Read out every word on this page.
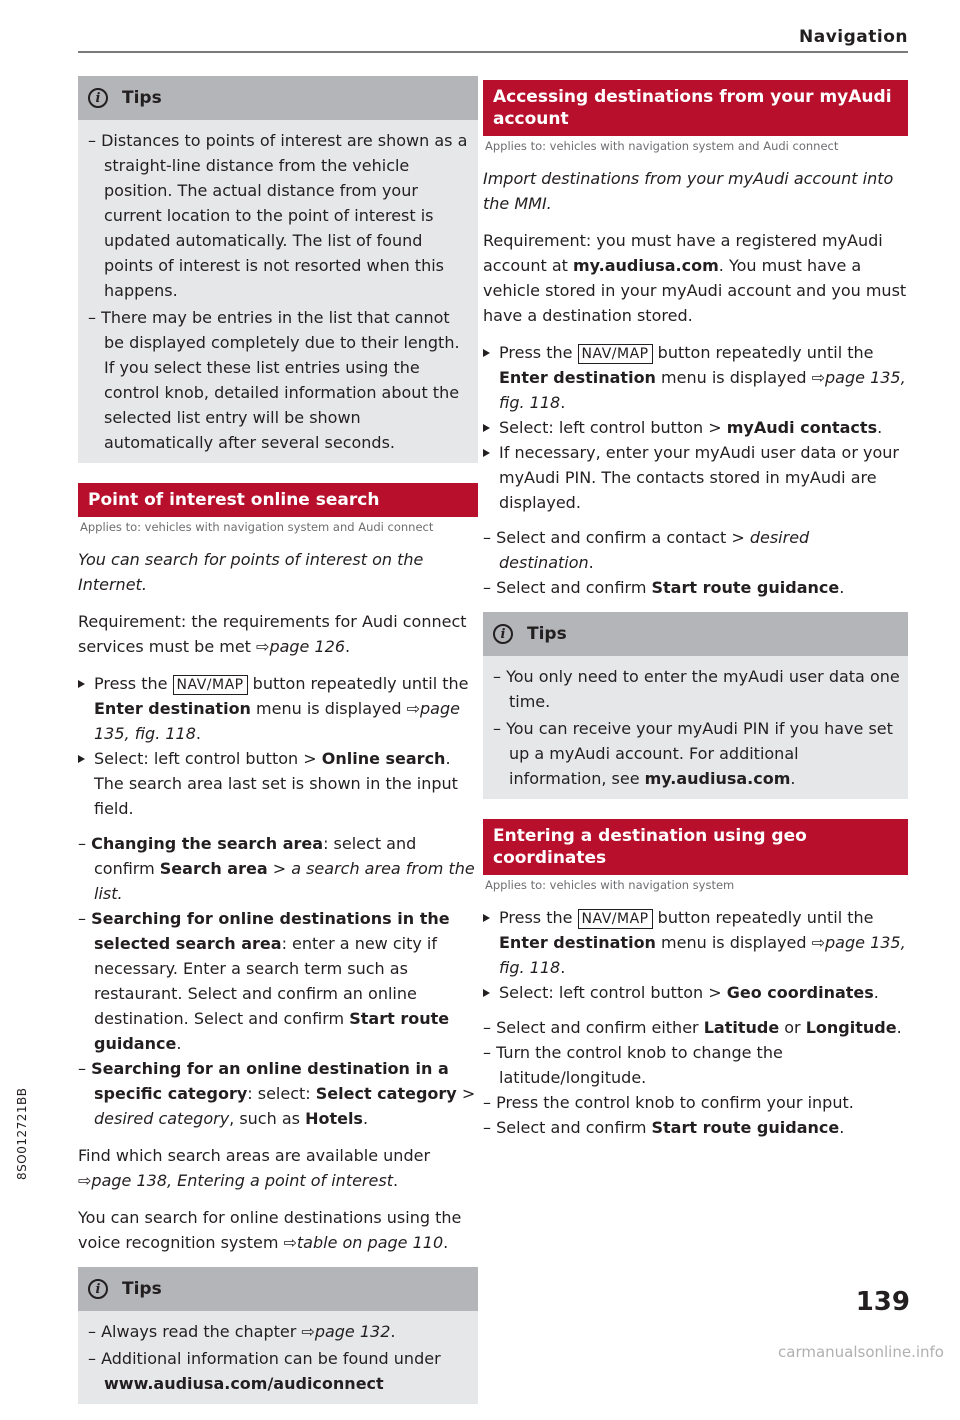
Navigation
i	Tips
– Distances to points of interest are shown as a straight-line distance from the vehicle position. The actual distance from your current location to the point of interest is updated automatically. The list of found points of interest is not resorted when this happens.
– There may be entries in the list that cannot be displayed completely due to their length. If you select these list entries using the control knob, detailed information about the selected list entry will be shown automatically after several seconds.
Point of interest online search
Applies to: vehicles with navigation system and Audi connect

You can search for points of interest on the Internet.

Requirement: the requirements for Audi connect services must be met ⇨page 126.

Press the NAV/MAP button repeatedly until the Enter destination menu is displayed ⇨page 135, fig. 118.
Select: left control button > Online search. The search area last set is shown in the input field.
– Changing the search area: select and confirm Search area > a search area from the list.
– Searching for online destinations in the selected search area: enter a new city if necessary. Enter a search term such as restaurant. Select and confirm an online destination. Select and confirm Start route guidance.
– Searching for an online destination in a specific category: select: Select category > desired category, such as Hotels.

Find which search areas are available under ⇨page 138, Entering a point of interest.

You can search for online destinations using the voice recognition system ⇨table on page 110.

i	Tips
– Always read the chapter ⇨page 132.
– Additional information can be found under www.audiusa.com/audiconnect
Accessing destinations from your myAudi account
Applies to: vehicles with navigation system and Audi connect

Import destinations from your myAudi account into the MMI.

Requirement: you must have a registered myAudi account at my.audiusa.com. You must have a vehicle stored in your myAudi account and you must have a destination stored.

Press the NAV/MAP button repeatedly until the Enter destination menu is displayed ⇨page 135, fig. 118.
Select: left control button > myAudi contacts.
If necessary, enter your myAudi user data or your myAudi PIN. The contacts stored in myAudi are displayed.
– Select and confirm a contact > desired destination.
– Select and confirm Start route guidance.
i	Tips
– You only need to enter the myAudi user data one time.
– You can receive your myAudi PIN if you have set up a myAudi account. For additional information, see my.audiusa.com.
Entering a destination using geo coordinates
Applies to: vehicles with navigation system
Press the NAV/MAP button repeatedly until the Enter destination menu is displayed ⇨page 135, fig. 118.
Select: left control button > Geo coordinates.
– Select and confirm either Latitude or Longitude.
– Turn the control knob to change the latitude/longitude.
– Press the control knob to confirm your input.
– Select and confirm Start route guidance.
8SO012721BB
139
carmanualsonline.info
